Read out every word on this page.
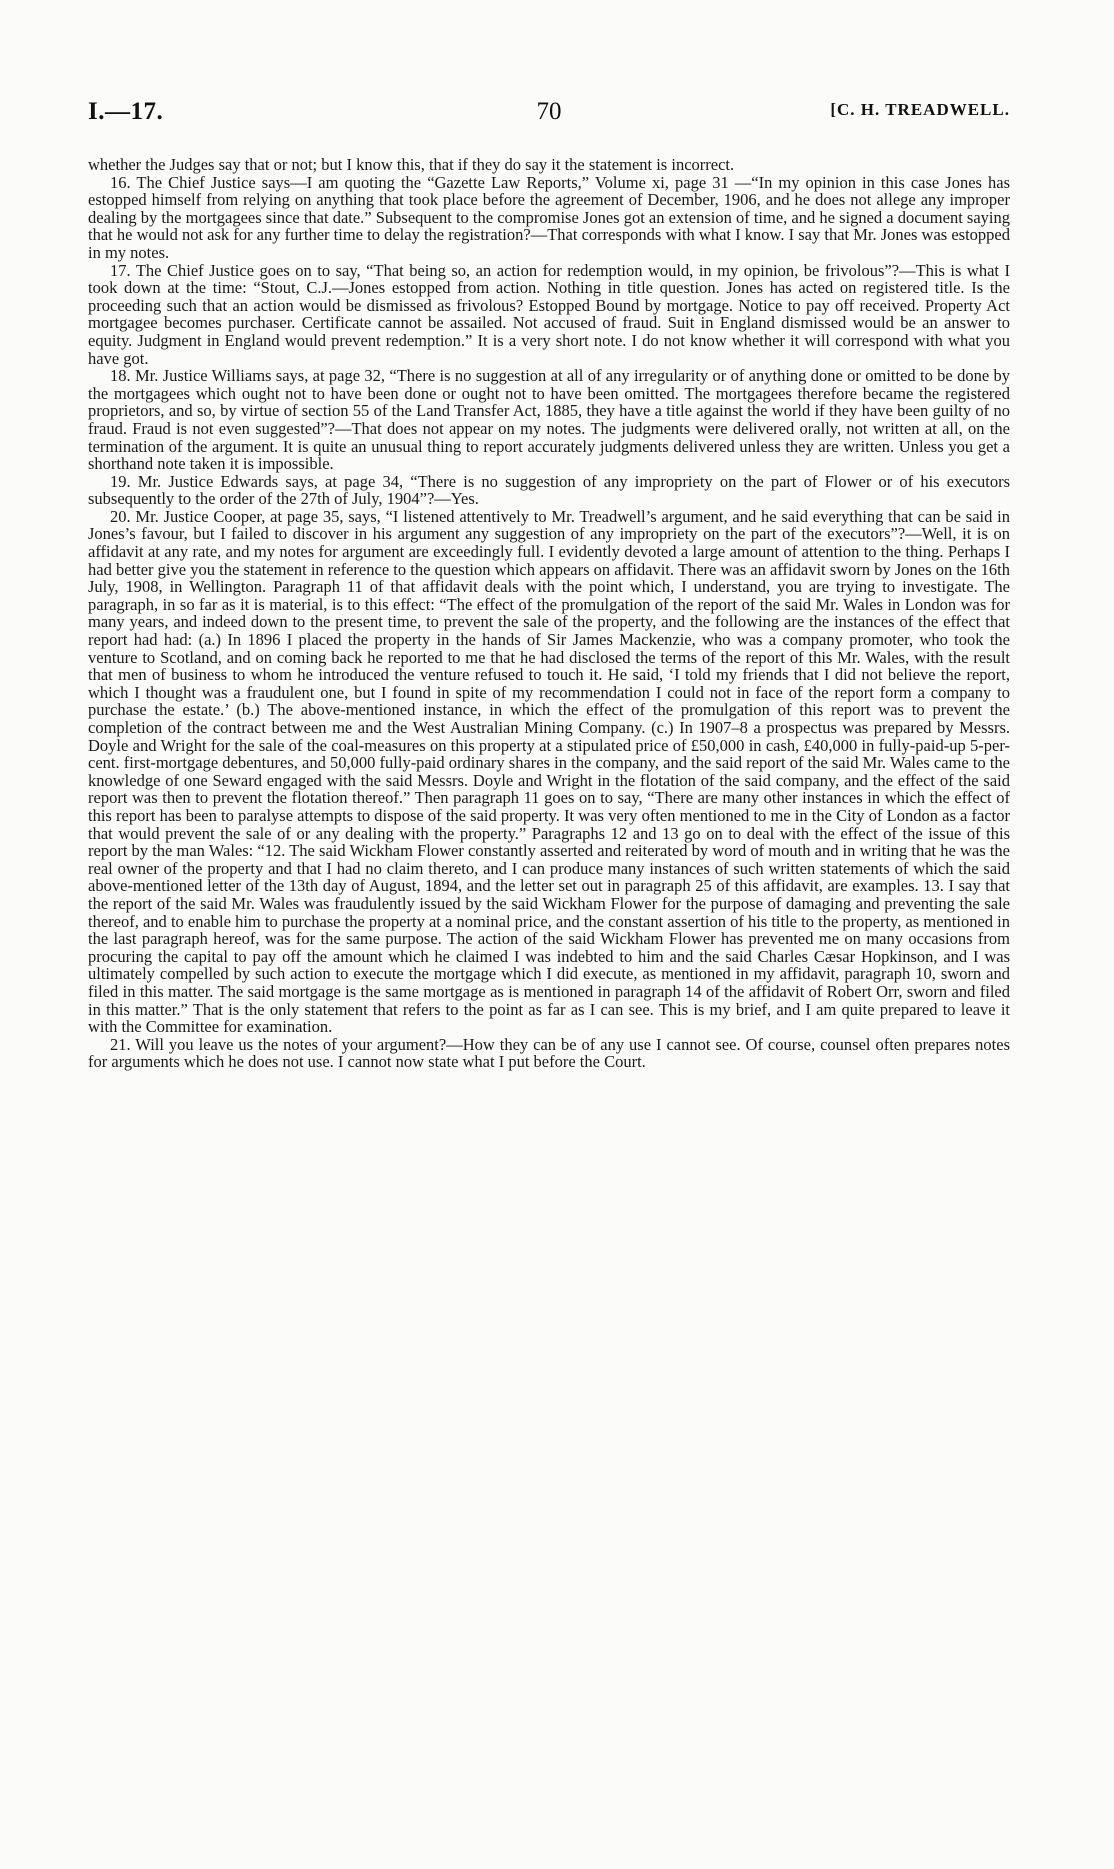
I.—17.	70	[C. H. TREADWELL.

whether the Judges say that or not; but I know this, that if they do say it the statement is incorrect.

16. The Chief Justice says—I am quoting the “Gazette Law Reports,” Volume xi, page 31 —“In my opinion in this case Jones has estopped himself from relying on anything that took place before the agreement of December, 1906, and he does not allege any improper dealing by the mortgagees since that date.” Subsequent to the compromise Jones got an extension of time, and he signed a document saying that he would not ask for any further time to delay the registration?—That corresponds with what I know. I say that Mr. Jones was estopped in my notes.

17. The Chief Justice goes on to say, “That being so, an action for redemption would, in my opinion, be frivolous”?—This is what I took down at the time: “Stout, C.J.—Jones estopped from action. Nothing in title question. Jones has acted on registered title. Is the proceeding such that an action would be dismissed as frivolous? Estopped Bound by mortgage. Notice to pay off received. Property Act mortgagee becomes purchaser. Certificate cannot be assailed. Not accused of fraud. Suit in England dismissed would be an answer to equity. Judgment in England would prevent redemption.” It is a very short note. I do not know whether it will correspond with what you have got.

18. Mr. Justice Williams says, at page 32, “There is no suggestion at all of any irregularity or of anything done or omitted to be done by the mortgagees which ought not to have been done or ought not to have been omitted. The mortgagees therefore became the registered proprietors, and so, by virtue of section 55 of the Land Transfer Act, 1885, they have a title against the world if they have been guilty of no fraud. Fraud is not even suggested”?—That does not appear on my notes. The judgments were delivered orally, not written at all, on the termination of the argument. It is quite an unusual thing to report accurately judgments delivered unless they are written. Unless you get a shorthand note taken it is impossible.

19. Mr. Justice Edwards says, at page 34, “There is no suggestion of any impropriety on the part of Flower or of his executors subsequently to the order of the 27th of July, 1904”?—Yes.

20. Mr. Justice Cooper, at page 35, says, “I listened attentively to Mr. Treadwell’s argument, and he said everything that can be said in Jones’s favour, but I failed to discover in his argument any suggestion of any impropriety on the part of the executors”?—Well, it is on affidavit at any rate, and my notes for argument are exceedingly full. I evidently devoted a large amount of attention to the thing. Perhaps I had better give you the statement in reference to the question which appears on affidavit. There was an affidavit sworn by Jones on the 16th July, 1908, in Wellington. Paragraph 11 of that affidavit deals with the point which, I understand, you are trying to investigate. The paragraph, in so far as it is material, is to this effect: “The effect of the promulgation of the report of the said Mr. Wales in London was for many years, and indeed down to the present time, to prevent the sale of the property, and the following are the instances of the effect that report had had: (a.) In 1896 I placed the property in the hands of Sir James Mackenzie, who was a company promoter, who took the venture to Scotland, and on coming back he reported to me that he had disclosed the terms of the report of this Mr. Wales, with the result that men of business to whom he introduced the venture refused to touch it. He said, ‘I told my friends that I did not believe the report, which I thought was a fraudulent one, but I found in spite of my recommendation I could not in face of the report form a company to purchase the estate.’ (b.) The above-mentioned instance, in which the effect of the promulgation of this report was to prevent the completion of the contract between me and the West Australian Mining Company. (c.) In 1907–8 a prospectus was prepared by Messrs. Doyle and Wright for the sale of the coal-measures on this property at a stipulated price of £50,000 in cash, £40,000 in fully-paid-up 5-per-cent. first-mortgage debentures, and 50,000 fully-paid ordinary shares in the company, and the said report of the said Mr. Wales came to the knowledge of one Seward engaged with the said Messrs. Doyle and Wright in the flotation of the said company, and the effect of the said report was then to prevent the flotation thereof.” Then paragraph 11 goes on to say, “There are many other instances in which the effect of this report has been to paralyse attempts to dispose of the said property. It was very often mentioned to me in the City of London as a factor that would prevent the sale of or any dealing with the property.” Paragraphs 12 and 13 go on to deal with the effect of the issue of this report by the man Wales: “12. The said Wickham Flower constantly asserted and reiterated by word of mouth and in writing that he was the real owner of the property and that I had no claim thereto, and I can produce many instances of such written statements of which the said above-mentioned letter of the 13th day of August, 1894, and the letter set out in paragraph 25 of this affidavit, are examples. 13. I say that the report of the said Mr. Wales was fraudulently issued by the said Wickham Flower for the purpose of damaging and preventing the sale thereof, and to enable him to purchase the property at a nominal price, and the constant assertion of his title to the property, as mentioned in the last paragraph hereof, was for the same purpose. The action of the said Wickham Flower has prevented me on many occasions from procuring the capital to pay off the amount which he claimed I was indebted to him and the said Charles Cæsar Hopkinson, and I was ultimately compelled by such action to execute the mortgage which I did execute, as mentioned in my affidavit, paragraph 10, sworn and filed in this matter. The said mortgage is the same mortgage as is mentioned in paragraph 14 of the affidavit of Robert Orr, sworn and filed in this matter.” That is the only statement that refers to the point as far as I can see. This is my brief, and I am quite prepared to leave it with the Committee for examination.

21. Will you leave us the notes of your argument?—How they can be of any use I cannot see. Of course, counsel often prepares notes for arguments which he does not use. I cannot now state what I put before the Court.
